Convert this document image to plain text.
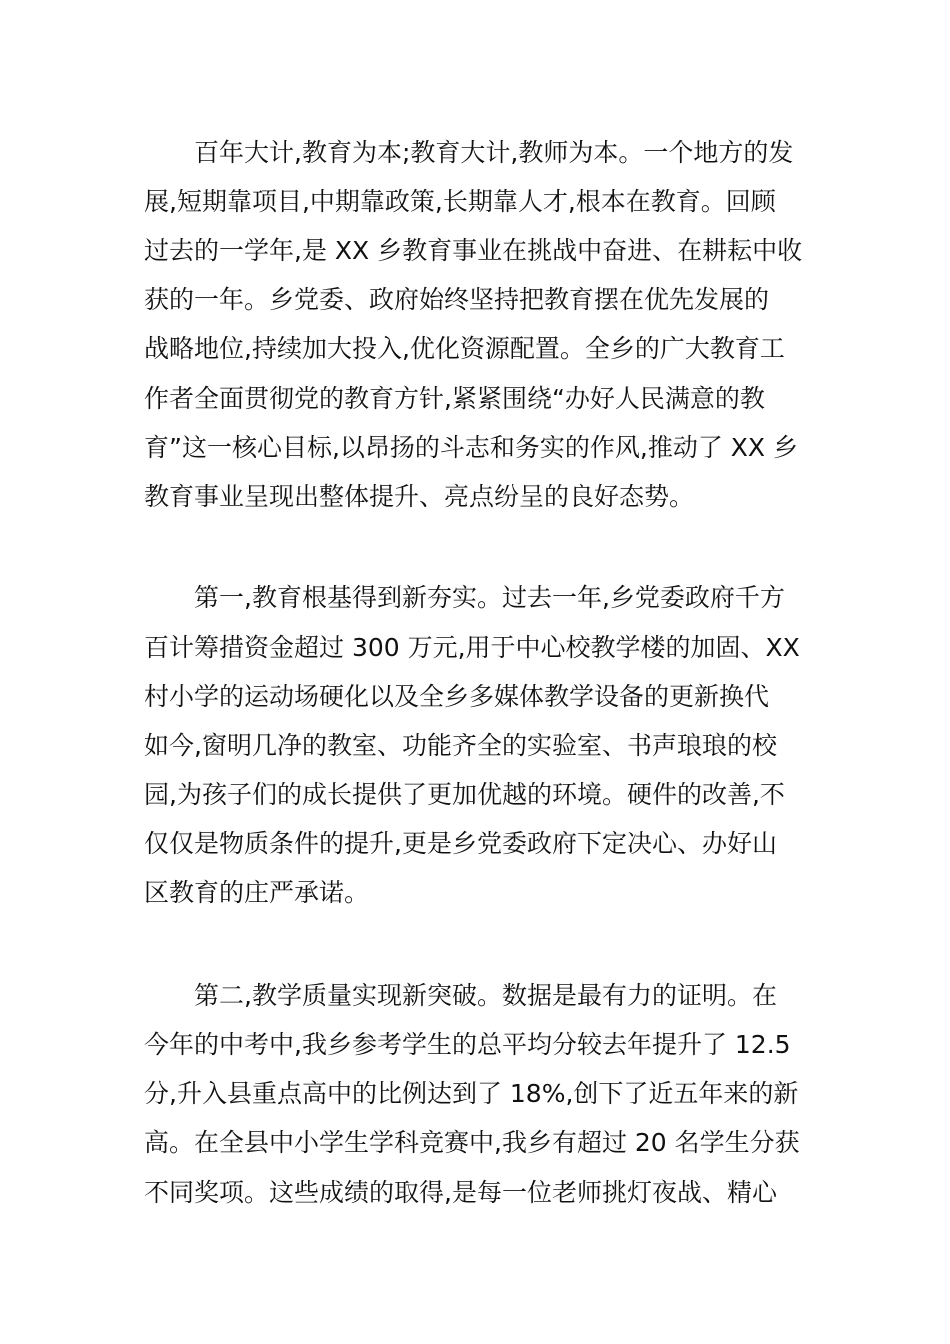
百年大计,教育为本;教育大计,教师为本。一个地方的发
展,短期靠项目,中期靠政策,长期靠人才,根本在教育。回顾
过去的一学年,是 XX 乡教育事业在挑战中奋进、在耕耘中收
获的一年。乡党委、政府始终坚持把教育摆在优先发展的
战略地位,持续加大投入,优化资源配置。全乡的广大教育工
作者全面贯彻党的教育方针,紧紧围绕“办好人民满意的教
育”这一核心目标,以昂扬的斗志和务实的作风,推动了 XX 乡
教育事业呈现出整体提升、亮点纷呈的良好态势。
第一,教育根基得到新夯实。过去一年,乡党委政府千方
百计筹措资金超过 300 万元,用于中心校教学楼的加固、XX
村小学的运动场硬化以及全乡多媒体教学设备的更新换代
如今,窗明几净的教室、功能齐全的实验室、书声琅琅的校
园,为孩子们的成长提供了更加优越的环境。硬件的改善,不
仅仅是物质条件的提升,更是乡党委政府下定决心、办好山
区教育的庄严承诺。
第二,教学质量实现新突破。数据是最有力的证明。在
今年的中考中,我乡参考学生的总平均分较去年提升了 12.5
分,升入县重点高中的比例达到了 18%,创下了近五年来的新
高。在全县中小学生学科竞赛中,我乡有超过 20 名学生分获
不同奖项。这些成绩的取得,是每一位老师挑灯夜战、精心
